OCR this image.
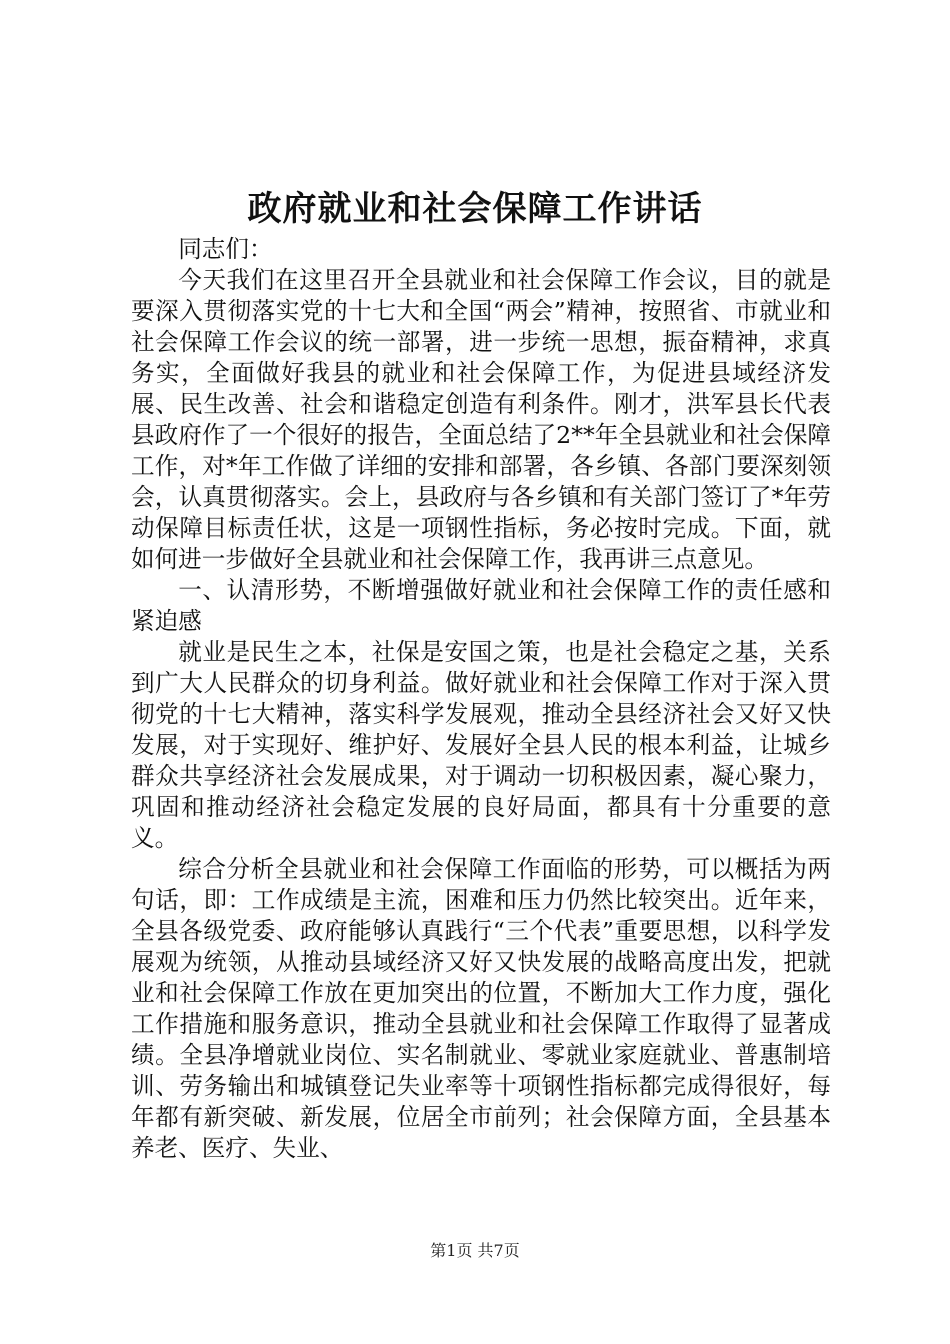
政府就业和社会保障工作讲话

同志们：

今天我们在这里召开全县就业和社会保障工作会议，目的就是要深入贯彻落实党的十七大和全国“两会”精神，按照省、市就业和社会保障工作会议的统一部署，进一步统一思想，振奋精神，求真务实，全面做好我县的就业和社会保障工作，为促进县域经济发展、民生改善、社会和谐稳定创造有利条件。刚才，洪军县长代表县政府作了一个很好的报告，全面总结了2**年全县就业和社会保障工作，对*年工作做了详细的安排和部署，各乡镇、各部门要深刻领会，认真贯彻落实。会上，县政府与各乡镇和有关部门签订了*年劳动保障目标责任状，这是一项钢性指标，务必按时完成。下面，就如何进一步做好全县就业和社会保障工作，我再讲三点意见。

一、认清形势，不断增强做好就业和社会保障工作的责任感和紧迫感

就业是民生之本，社保是安国之策，也是社会稳定之基，关系到广大人民群众的切身利益。做好就业和社会保障工作对于深入贯彻党的十七大精神，落实科学发展观，推动全县经济社会又好又快发展，对于实现好、维护好、发展好全县人民的根本利益，让城乡群众共享经济社会发展成果，对于调动一切积极因素，凝心聚力，巩固和推动经济社会稳定发展的良好局面，都具有十分重要的意义。

综合分析全县就业和社会保障工作面临的形势，可以概括为两句话，即：工作成绩是主流，困难和压力仍然比较突出。近年来，全县各级党委、政府能够认真践行“三个代表”重要思想，以科学发展观为统领，从推动县域经济又好又快发展的战略高度出发，把就业和社会保障工作放在更加突出的位置，不断加大工作力度，强化工作措施和服务意识，推动全县就业和社会保障工作取得了显著成绩。全县净增就业岗位、实名制就业、零就业家庭就业、普惠制培训、劳务输出和城镇登记失业率等十项钢性指标都完成得很好，每年都有新突破、新发展，位居全市前列；社会保障方面，全县基本养老、医疗、失业、

第1页 共7页
